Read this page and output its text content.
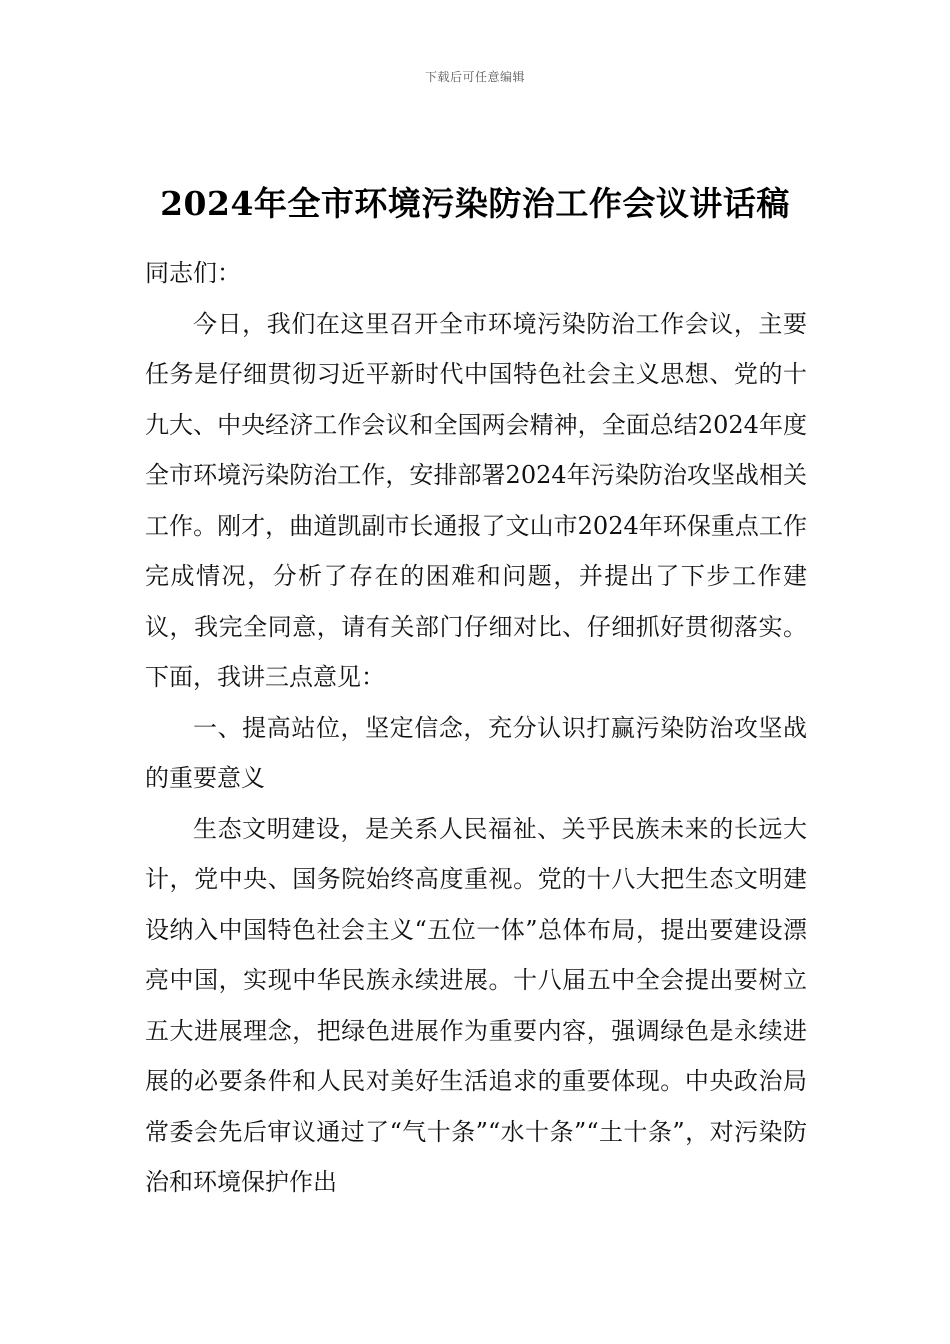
下载后可任意编辑
2024年全市环境污染防治工作会议讲话稿

同志们：

今日，我们在这里召开全市环境污染防治工作会议，主要任务是仔细贯彻习近平新时代中国特色社会主义思想、党的十九大、中央经济工作会议和全国两会精神，全面总结2024年度全市环境污染防治工作，安排部署2024年污染防治攻坚战相关工作。刚才，曲道凯副市长通报了文山市2024年环保重点工作完成情况，分析了存在的困难和问题，并提出了下步工作建议，我完全同意，请有关部门仔细对比、仔细抓好贯彻落实。下面，我讲三点意见：

一、提高站位，坚定信念，充分认识打赢污染防治攻坚战的重要意义

生态文明建设，是关系人民福祉、关乎民族未来的长远大计，党中央、国务院始终高度重视。党的十八大把生态文明建设纳入中国特色社会主义“五位一体”总体布局，提出要建设漂亮中国，实现中华民族永续进展。十八届五中全会提出要树立五大进展理念，把绿色进展作为重要内容，强调绿色是永续进展的必要条件和人民对美好生活追求的重要体现。中央政治局常委会先后审议通过了“气十条”“水十条”“土十条”，对污染防治和环境保护作出
